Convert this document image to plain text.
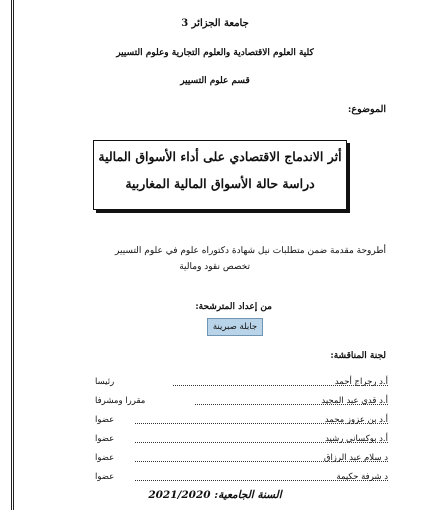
جامعة الجزائر 3
كلية العلوم الاقتصادية والعلوم التجارية وعلوم التسيير
قسم علوم التسيير
الموضوع:
أثر الاندماج الاقتصادي على أداء الأسواق المالية
دراسة حالة الأسواق المالية المغاربية
أطروحة مقدمة ضمن متطلبات نيل شهادة دكتوراه علوم في علوم التسيير
تخصص نقود ومالية
من إعداد المترشحة:
جابلة صبرينة
لجنة المناقشة:
أ.د رجراج أحمد
رئيسا
أ.د قدي عبد المجيد
مقررا ومشرفا
أ.د بن عزوز محمد
عضوا
أ.د بوكساني رشيد
عضوا
د سلام عبد الرزاق
عضوا
د شرفة حكيمة
عضوا
السنة الجامعية: 2021/2020
